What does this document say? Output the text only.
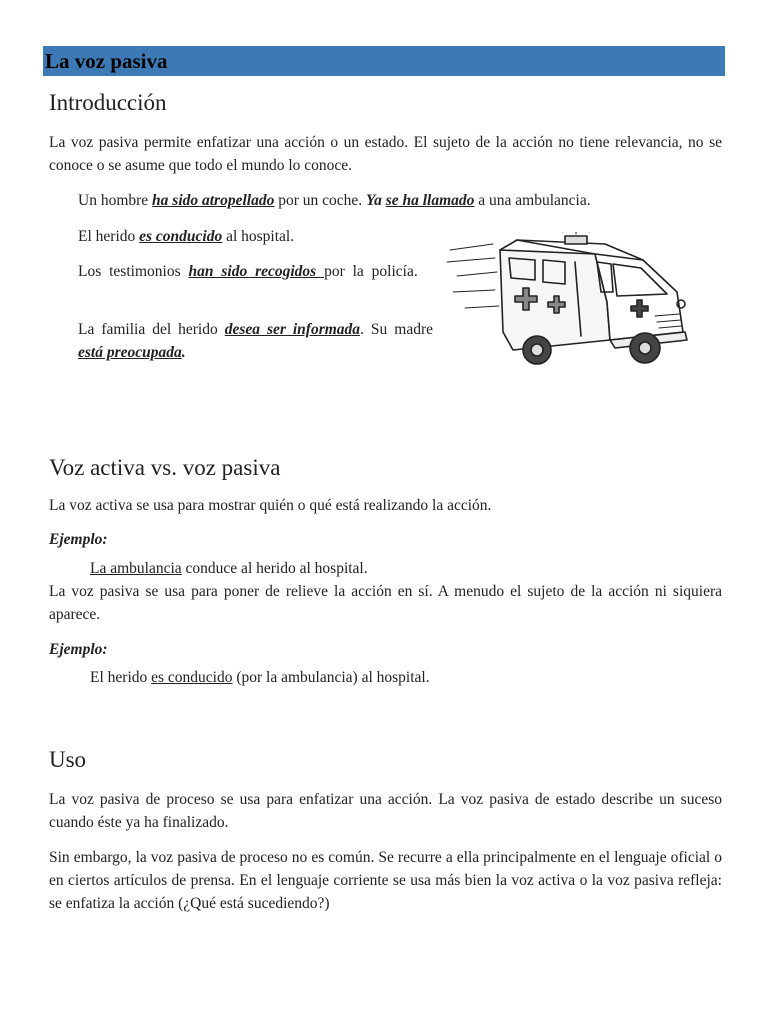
La voz pasiva
Introducción
La voz pasiva permite enfatizar una acción o un estado. El sujeto de la acción no tiene relevancia, no se conoce o se asume que todo el mundo lo conoce.
Un hombre ha sido atropellado por un coche. Ya se ha llamado a una ambulancia.
El herido es conducido al hospital.
Los testimonios han sido recogidos por la policía.
La familia del herido desea ser informada. Su madre está preocupada.
Voz activa vs. voz pasiva
La voz activa se usa para mostrar quién o qué está realizando la acción.
Ejemplo:
La ambulancia conduce al herido al hospital.
La voz pasiva se usa para poner de relieve la acción en sí. A menudo el sujeto de la acción ni siquiera aparece.
Ejemplo:
El herido es conducido (por la ambulancia) al hospital.
Uso
La voz pasiva de proceso se usa para enfatizar una acción. La voz pasiva de estado describe un suceso cuando éste ya ha finalizado.
Sin embargo, la voz pasiva de proceso no es común. Se recurre a ella principalmente en el lenguaje oficial o en ciertos artículos de prensa. En el lenguaje corriente se usa más bien la voz activa o la voz pasiva refleja: se enfatiza la acción (¿Qué está sucediendo?)
